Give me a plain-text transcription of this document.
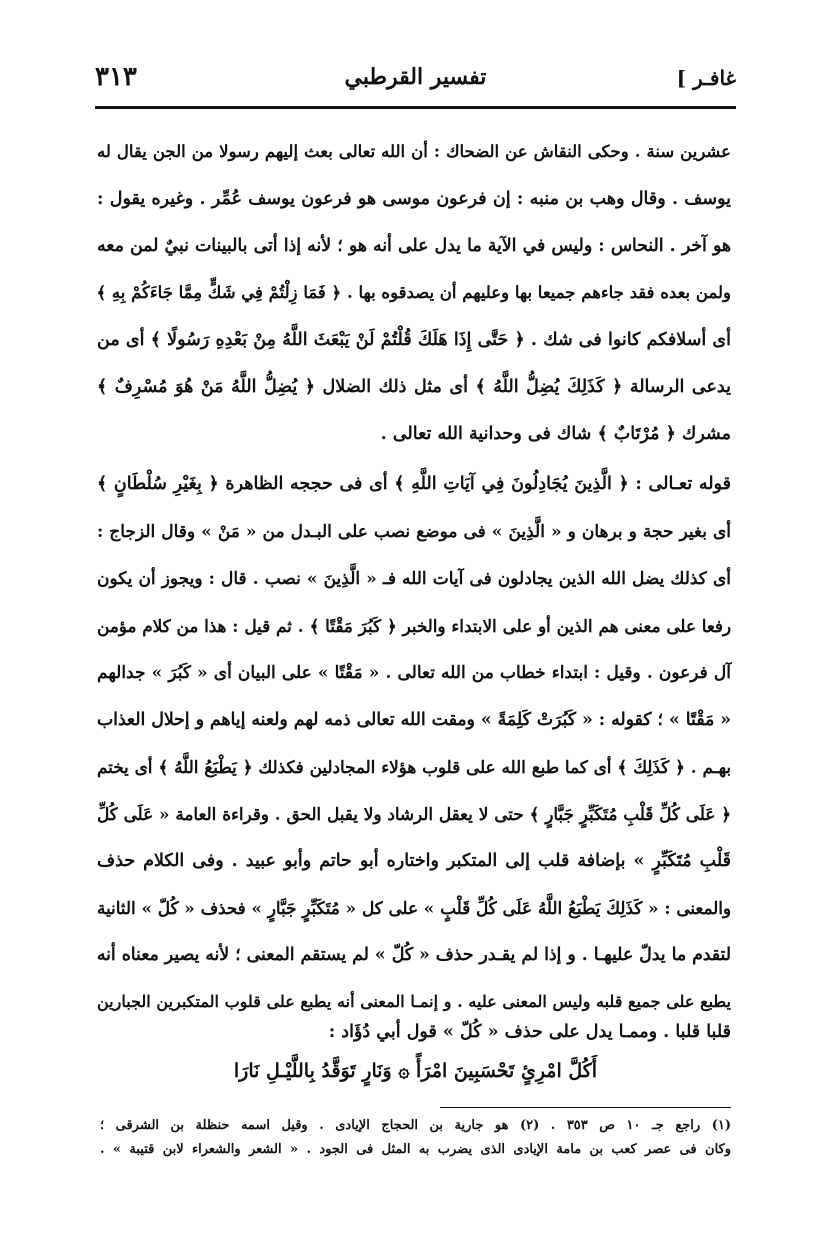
غافـر ]
تفسير القرطبي
٣١٣
عشرين سنة . وحكى النقاش عن الضحاك : أن الله تعالى بعث إليهم رسولا من الجن يقال له
يوسف . وقال وهب بن منبه : إن فرعون موسى هو فرعون يوسف عُمِّر . وغيره يقول :
هو آخر . النحاس : وليس في الآية ما يدل على أنه هو ؛ لأنه إذا أتى بالبينات نبيٌ لمن معه
ولمن بعده فقد جاءهم جميعا بها وعليهم أن يصدقوه بها . ﴿ فَمَا زِلْتُمْ فِي شَكٍّ مِمَّا جَاءَكُمْ بِهِ ﴾
أى أسلافكم كانوا فى شك . ﴿ حَتَّى إِذَا هَلَكَ قُلْتُمْ لَنْ يَبْعَثَ اللَّهُ مِنْ بَعْدِهِ رَسُولًا ﴾ أى من
يدعى الرسالة ﴿ كَذَلِكَ يُضِلُّ اللَّهُ ﴾ أى مثل ذلك الضلال ﴿ يُضِلُّ اللَّهُ مَنْ هُوَ مُسْرِفٌ ﴾
مشرك ﴿ مُرْتَابٌ ﴾ شاك فى وحدانية الله تعالى .
قوله تعـالى : ﴿ الَّذِينَ يُجَادِلُونَ فِي آيَاتِ اللَّهِ ﴾ أى فى حججه الظاهرة ﴿ بِغَيْرِ سُلْطَانٍ ﴾
أى بغير حجة و برهان و « الَّذِينَ » فى موضع نصب على البـدل من « مَنْ » وقال الزجاج :
أى كذلك يضل الله الذين يجادلون فى آيات الله فـ « الَّذِينَ » نصب . قال : ويجوز أن يكون
رفعا على معنى هم الذين أو على الابتداء والخبر ﴿ كَبُرَ مَقْتًا ﴾ . ثم قيل : هذا من كلام مؤمن
آل فرعون . وقيل : ابتداء خطاب من الله تعالى . « مَقْتًا » على البيان أى « كَبُرَ » جدالهم
« مَقْتًا » ؛ كقوله : « كَبُرَتْ كَلِمَةً » ومقت الله تعالى ذمه لهم ولعنه إياهم و إحلال العذاب
بهـم . ﴿ كَذَلِكَ ﴾ أى كما طبع الله على قلوب هؤلاء المجادلين فكذلك ﴿ يَطْبَعُ اللَّهُ ﴾ أى يختم
﴿ عَلَى كُلِّ قَلْبِ مُتَكَبِّرٍ جَبَّارٍ ﴾ حتى لا يعقل الرشاد ولا يقبل الحق . وقراءة العامة « عَلَى كُلِّ
قَلْبِ مُتَكَبِّرٍ » بإضافة قلب إلى المتكبر واختاره أبو حاتم وأبو عبيد . وفى الكلام حذف
والمعنى : « كَذَلِكَ يَطْبَعُ اللَّهُ عَلَى كُلِّ قَلْبٍ » على كل « مُتَكَبِّرٍ جَبَّارٍ » فحذف « كُلّ » الثانية
لتقدم ما يدلّ عليهـا . و إذا لم يقـدر حذف « كُلّ » لم يستقم المعنى ؛ لأنه يصير معناه أنه
يطبع على جميع قلبه وليس المعنى عليه . و إنمـا المعنى أنه يطبع على قلوب المتكبرين الجبارين
قلبا قلبا . وممـا يدل على حذف « كُلّ » قول أبي دُؤَاد :
أَكُلَّ امْرِئٍ تَحْسَبِينَ امْرَأً ۞ وَنَارٍ تَوَقَّدُ بِاللَّيْـلِ نَارَا
(١) راجع جـ ١٠ ص ٣٥٣ . (٢) هو جارية بن الحجاج الإيادى . وقيل اسمه حنظلة بن الشرقى ؛
وكان فى عصر كعب بن مامة الإيادى الذى يضرب به المثل فى الجود . « الشعر والشعراء لابن قتيبة » .
